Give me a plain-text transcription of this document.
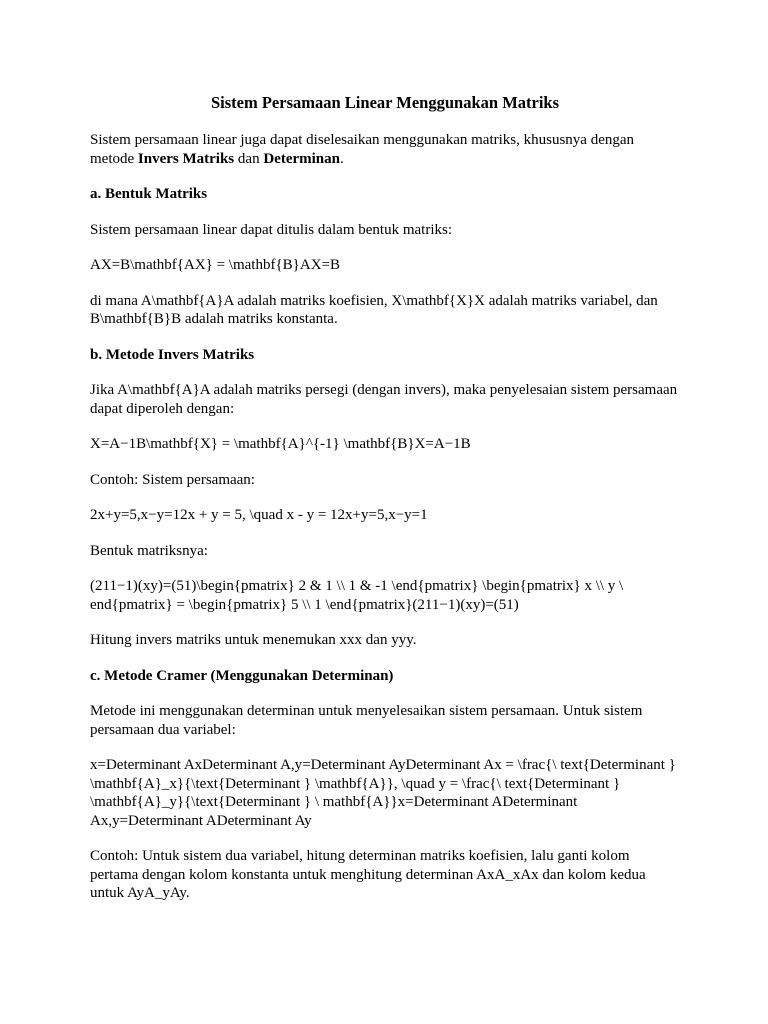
Sistem Persamaan Linear Menggunakan Matriks

Sistem persamaan linear juga dapat diselesaikan menggunakan matriks, khususnya dengan metode Invers Matriks dan Determinan.

a. Bentuk Matriks

Sistem persamaan linear dapat ditulis dalam bentuk matriks:

AX=B\mathbf{AX} = \mathbf{B}AX=B

di mana A\mathbf{A}A adalah matriks koefisien, X\mathbf{X}X adalah matriks variabel, dan B\mathbf{B}B adalah matriks konstanta.

b. Metode Invers Matriks

Jika A\mathbf{A}A adalah matriks persegi (dengan invers), maka penyelesaian sistem persamaan dapat diperoleh dengan:

X=A−1B\mathbf{X} = \mathbf{A}^{-1} \mathbf{B}X=A−1B

Contoh: Sistem persamaan:

2x+y=5,x−y=12x + y = 5, \quad x - y = 12x+y=5,x−y=1

Bentuk matriksnya:

(211−1)(xy)=(51)\begin{pmatrix} 2 & 1 \\ 1 & -1 \end{pmatrix} \begin{pmatrix} x \\ y \ end{pmatrix} = \begin{pmatrix} 5 \\ 1 \end{pmatrix}(211−1)(xy)=(51)

Hitung invers matriks untuk menemukan xxx dan yyy.

c. Metode Cramer (Menggunakan Determinan)

Metode ini menggunakan determinan untuk menyelesaikan sistem persamaan. Untuk sistem persamaan dua variabel:

x=Determinant AxDeterminant A,y=Determinant AyDeterminant Ax = \frac{\ text{Determinant } \mathbf{A}_x}{\text{Determinant } \mathbf{A}}, \quad y = \frac{\ text{Determinant } \mathbf{A}_y}{\text{Determinant } \ mathbf{A}}x=Determinant ADeterminant Ax,y=Determinant ADeterminant Ay

Contoh: Untuk sistem dua variabel, hitung determinan matriks koefisien, lalu ganti kolom pertama dengan kolom konstanta untuk menghitung determinan AxA_xAx dan kolom kedua untuk AyA_yAy.
